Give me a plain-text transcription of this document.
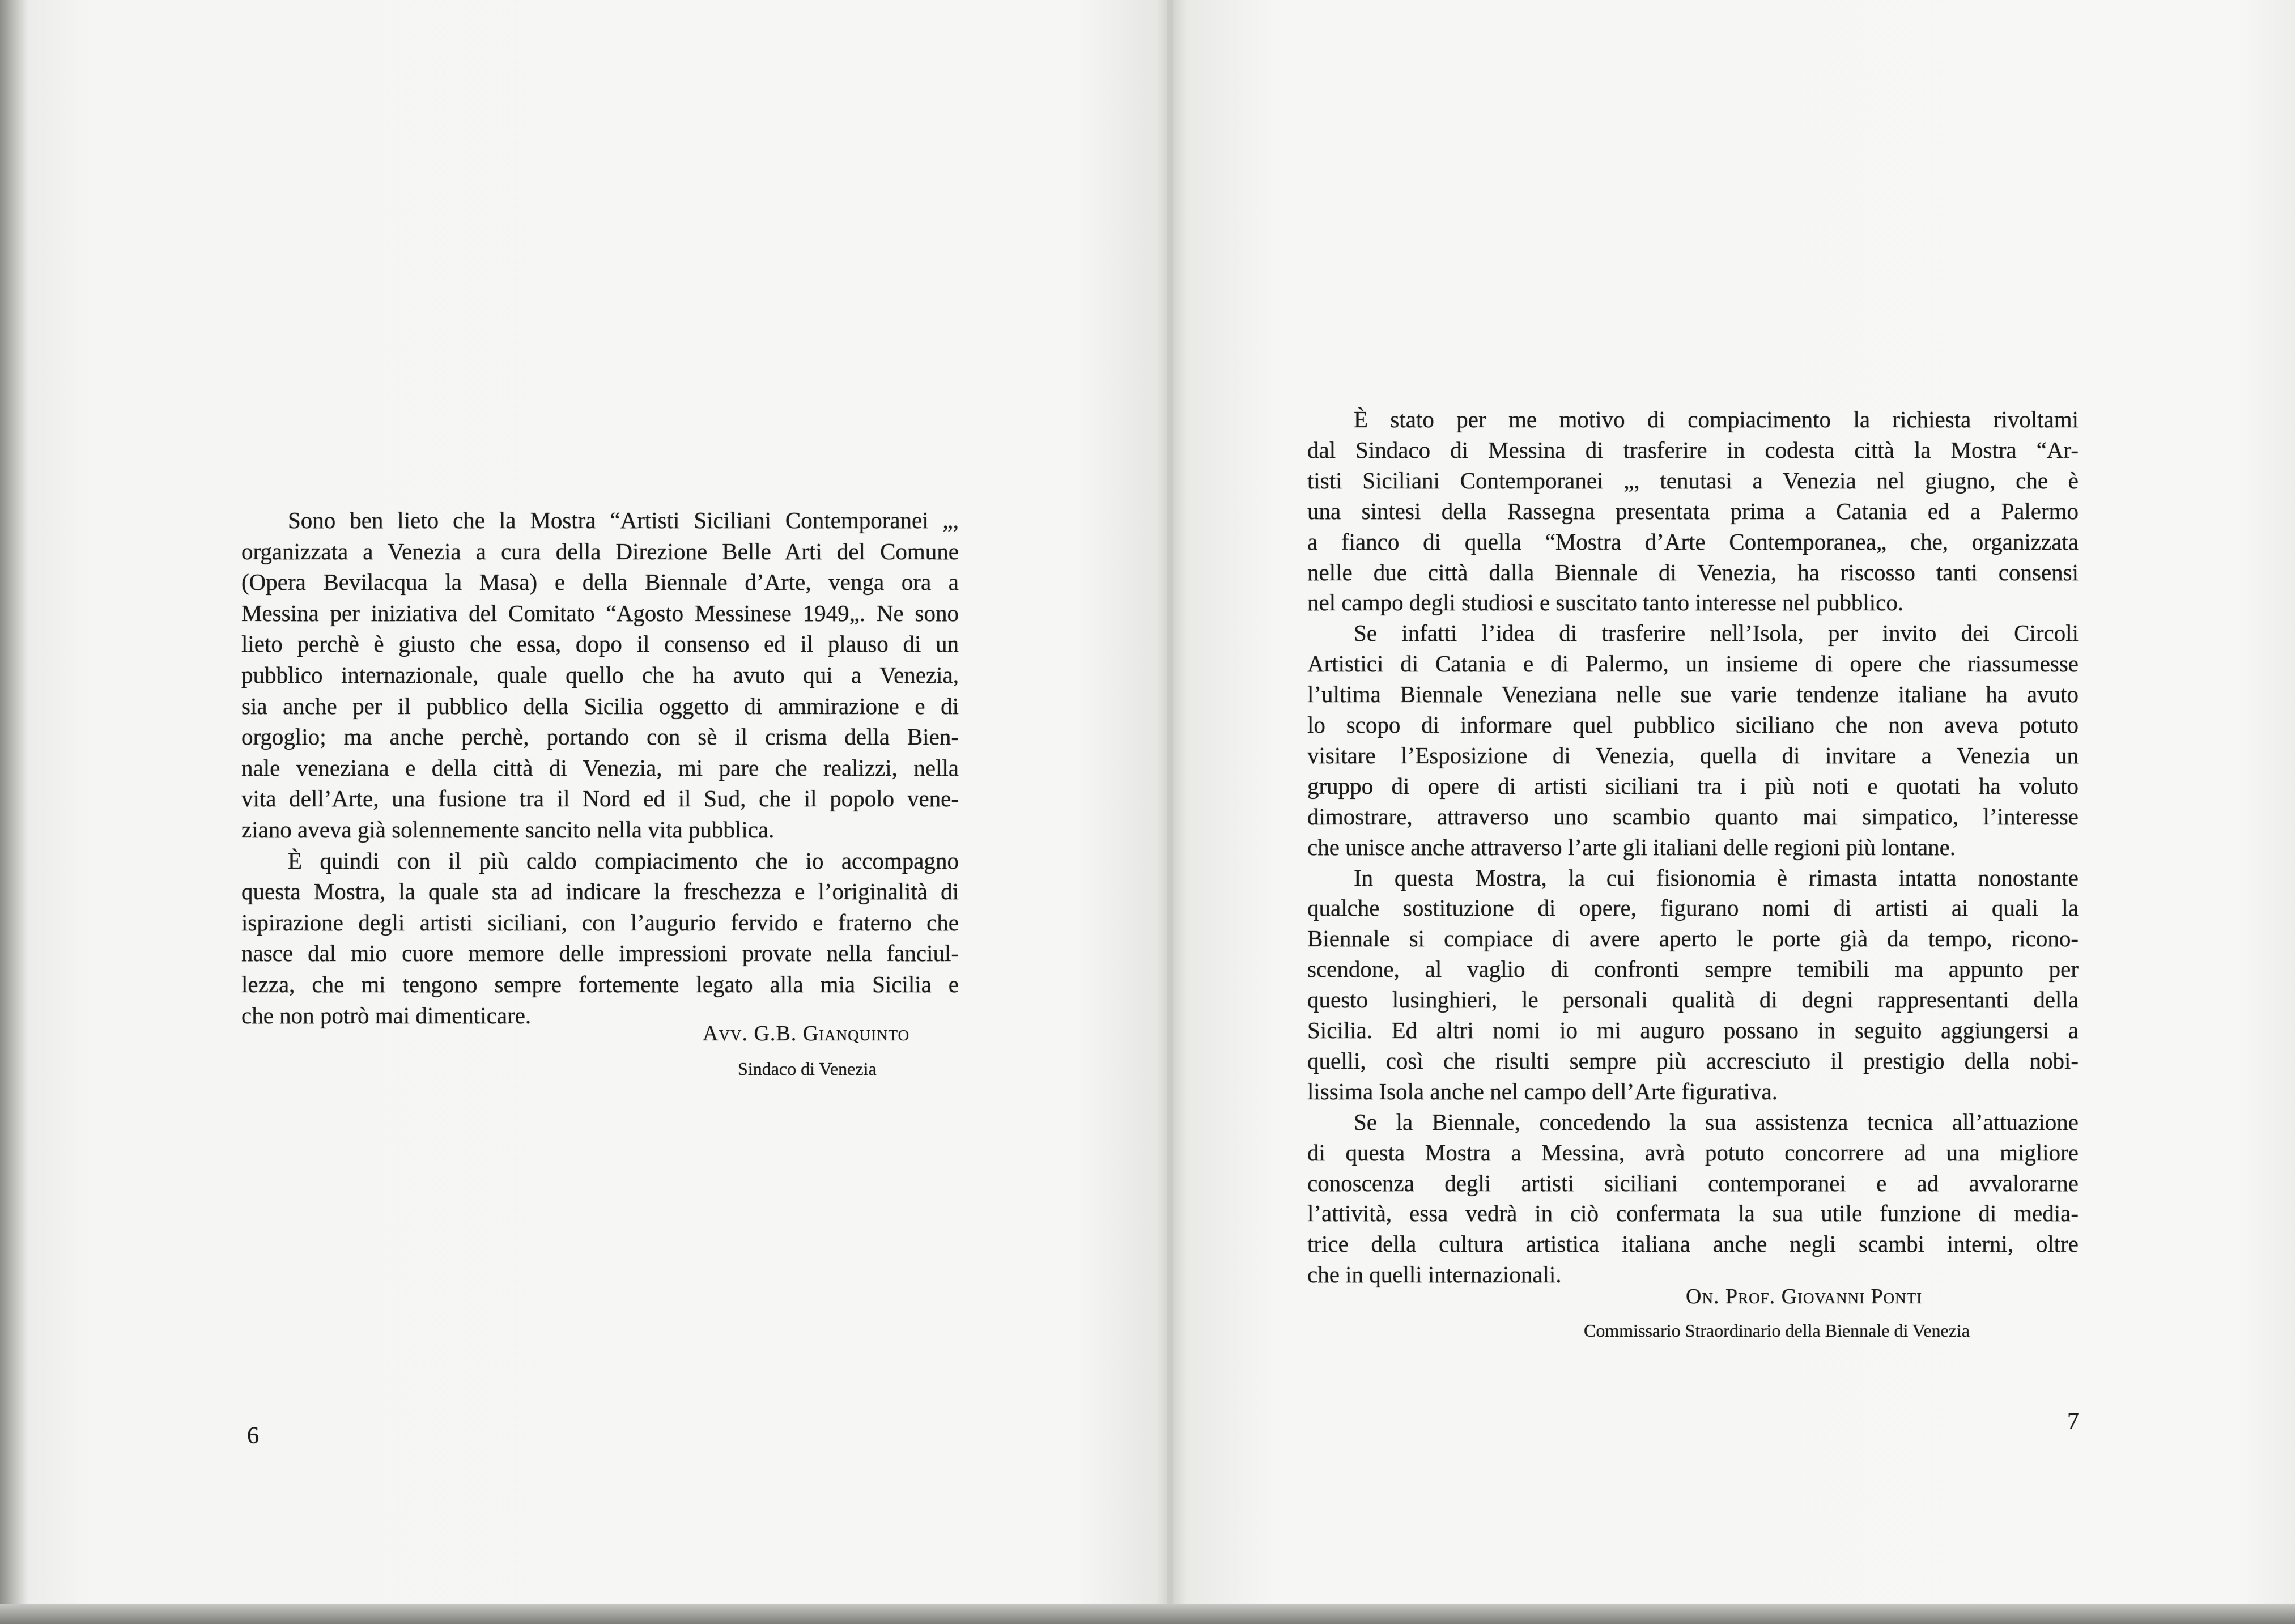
Sono ben lieto che la Mostra “Artisti Siciliani Contemporanei „,
organizzata a Venezia a cura della Direzione Belle Arti del Comune
(Opera Bevilacqua la Masa) e della Biennale d’Arte, venga ora a
Messina per iniziativa del Comitato “Agosto Messinese 1949„. Ne sono
lieto perchè è giusto che essa, dopo il consenso ed il plauso di un
pubblico internazionale, quale quello che ha avuto qui a Venezia,
sia anche per il pubblico della Sicilia oggetto di ammirazione e di
orgoglio; ma anche perchè, portando con sè il crisma della Bien-
nale veneziana e della città di Venezia, mi pare che realizzi, nella
vita dell’Arte, una fusione tra il Nord ed il Sud, che il popolo vene-
ziano aveva già solennemente sancito nella vita pubblica.
È quindi con il più caldo compiacimento che io accompagno
questa Mostra, la quale sta ad indicare la freschezza e l’originalità di
ispirazione degli artisti siciliani, con l’augurio fervido e fraterno che
nasce dal mio cuore memore delle impressioni provate nella fanciul-
lezza, che mi tengono sempre fortemente legato alla mia Sicilia e
che non potrò mai dimenticare.
Avv. G.B. Gianquinto
Sindaco di Venezia
6
È stato per me motivo di compiacimento la richiesta rivoltami
dal Sindaco di Messina di trasferire in codesta città la Mostra “Ar-
tisti Siciliani Contemporanei „, tenutasi a Venezia nel giugno, che è
una sintesi della Rassegna presentata prima a Catania ed a Palermo
a fianco di quella “Mostra d’Arte Contemporanea„ che, organizzata
nelle due città dalla Biennale di Venezia, ha riscosso tanti consensi
nel campo degli studiosi e suscitato tanto interesse nel pubblico.
Se infatti l’idea di trasferire nell’Isola, per invito dei Circoli
Artistici di Catania e di Palermo, un insieme di opere che riassumesse
l’ultima Biennale Veneziana nelle sue varie tendenze italiane ha avuto
lo scopo di informare quel pubblico siciliano che non aveva potuto
visitare l’Esposizione di Venezia, quella di invitare a Venezia un
gruppo di opere di artisti siciliani tra i più noti e quotati ha voluto
dimostrare, attraverso uno scambio quanto mai simpatico, l’interesse
che unisce anche attraverso l’arte gli italiani delle regioni più lontane.
In questa Mostra, la cui fisionomia è rimasta intatta nonostante
qualche sostituzione di opere, figurano nomi di artisti ai quali la
Biennale si compiace di avere aperto le porte già da tempo, ricono-
scendone, al vaglio di confronti sempre temibili ma appunto per
questo lusinghieri, le personali qualità di degni rappresentanti della
Sicilia. Ed altri nomi io mi auguro possano in seguito aggiungersi a
quelli, così che risulti sempre più accresciuto il prestigio della nobi-
lissima Isola anche nel campo dell’Arte figurativa.
Se la Biennale, concedendo la sua assistenza tecnica all’attuazione
di questa Mostra a Messina, avrà potuto concorrere ad una migliore
conoscenza degli artisti siciliani contemporanei e ad avvalorarne
l’attività, essa vedrà in ciò confermata la sua utile funzione di media-
trice della cultura artistica italiana anche negli scambi interni, oltre
che in quelli internazionali.
On. Prof. Giovanni Ponti
Commissario Straordinario della Biennale di Venezia
7
